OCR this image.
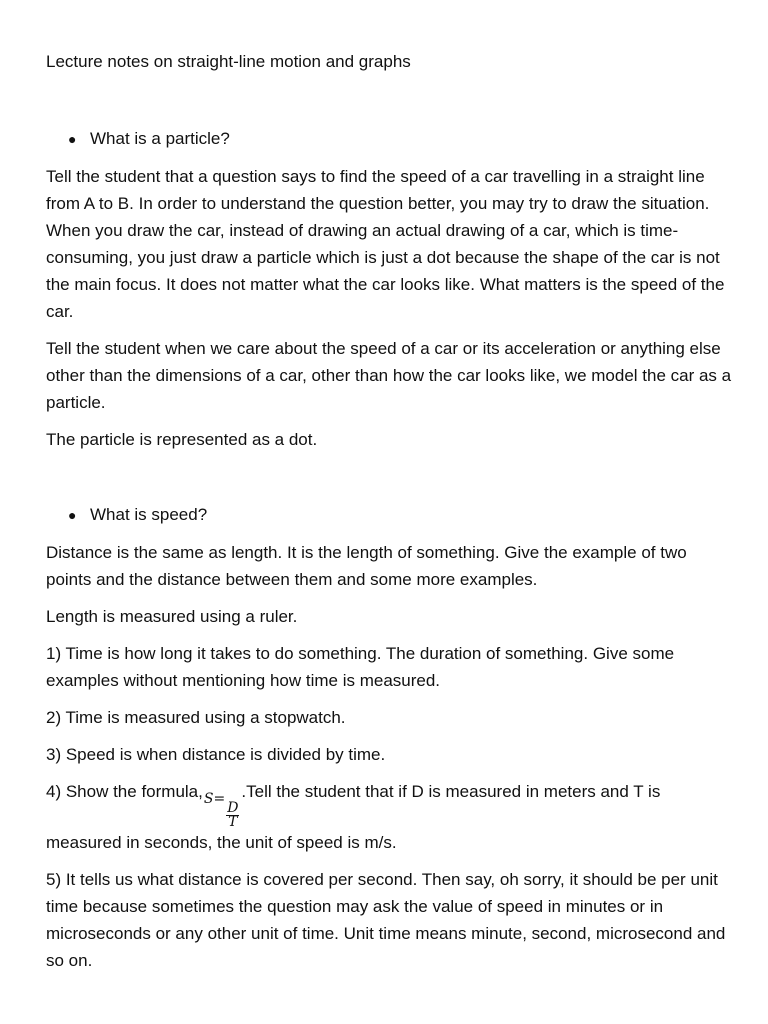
Lecture notes on straight-line motion and graphs

● What is a particle?

Tell the student that a question says to find the speed of a car travelling in a straight line from A to B. In order to understand the question better, you may try to draw the situation. When you draw the car, instead of drawing an actual drawing of a car, which is time-consuming, you just draw a particle which is just a dot because the shape of the car is not the main focus. It does not matter what the car looks like. What matters is the speed of the car.

Tell the student when we care about the speed of a car or its acceleration or anything else other than the dimensions of a car, other than how the car looks like, we model the car as a particle.

The particle is represented as a dot.

● What is speed?

Distance is the same as length. It is the length of something. Give the example of two points and the distance between them and some more examples.

Length is measured using a ruler.

1) Time is how long it takes to do something. The duration of something. Give some examples without mentioning how time is measured.

2) Time is measured using a stopwatch.

3) Speed is when distance is divided by time.

4) Show the formula,S=
$\frac{D}{T}$
.Tell the student that if D is measured in meters and T is measured in seconds, the unit of speed is m/s.

5) It tells us what distance is covered per second. Then say, oh sorry, it should be per unit time because sometimes the question may ask the value of speed in minutes or in microseconds or any other unit of time. Unit time means minute, second, microsecond and so on.
